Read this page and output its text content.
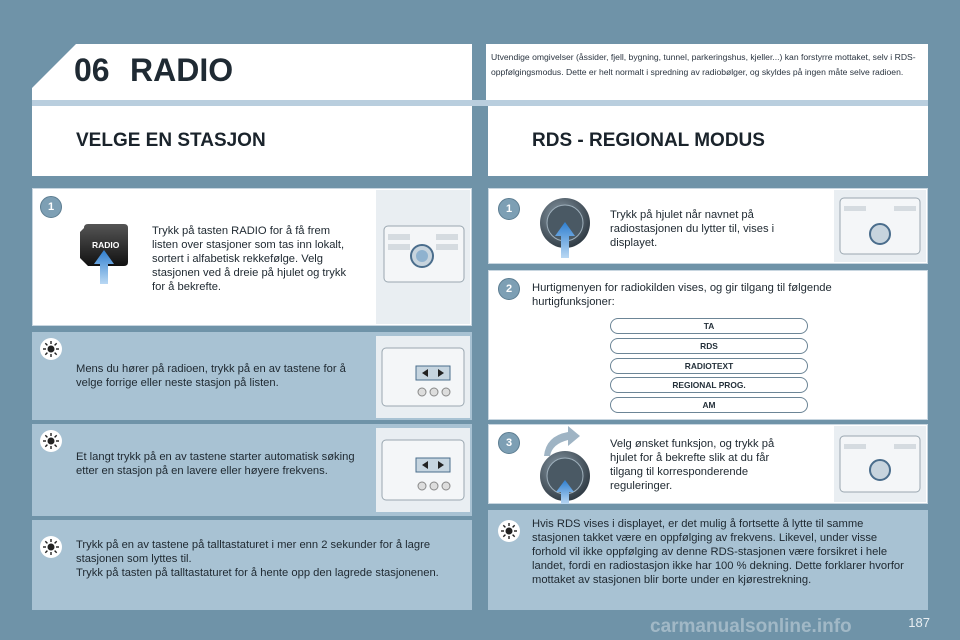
06 RADIO	Utvendige omgivelser (åssider, fjell, bygning, tunnel, parkeringshus, kjeller...) kan forstyrre mottaket, selv i RDS-oppfølgingsmodus. Dette er helt normalt i spredning av radiobølger, og skyldes på ingen måte selve radioen.
VELGE EN STASJON	RDS - REGIONAL MODUS
1
RADIO
Trykk på tasten RADIO for å få frem listen over stasjoner som tas inn lokalt, sortert i alfabetisk rekkefølge. Velg stasjonen ved å dreie på hjulet og trykk for å bekrefte.
Mens du hører på radioen, trykk på en av tastene for å velge forrige eller neste stasjon på listen.
Et langt trykk på en av tastene starter automatisk søking etter en stasjon på en lavere eller høyere frekvens.
Trykk på en av tastene på talltastaturet i mer enn 2 sekunder for å lagre stasjonen som lyttes til.
Trykk på tasten på talltastaturet for å hente opp den lagrede stasjonenen.
1	Trykk på hjulet når navnet på radiostasjonen du lytter til, vises i displayet.
2	Hurtigmenyen for radiokilden vises, og gir tilgang til følgende hurtigfunksjoner:
TA
RDS
RADIOTEXT
REGIONAL PROG.
AM
3	Velg ønsket funksjon, og trykk på hjulet for å bekrefte slik at du får tilgang til korresponderende reguleringer.
Hvis RDS vises i displayet, er det mulig å fortsette å lytte til samme stasjonen takket være en oppfølging av frekvens. Likevel, under visse forhold vil ikke oppfølging av denne RDS-stasjonen være forsikret i hele landet, fordi en radiostasjon ikke har 100 % dekning. Dette forklarer hvorfor mottaket av stasjonen blir borte under en kjørestrekning.
carmanualsonline.info	187
